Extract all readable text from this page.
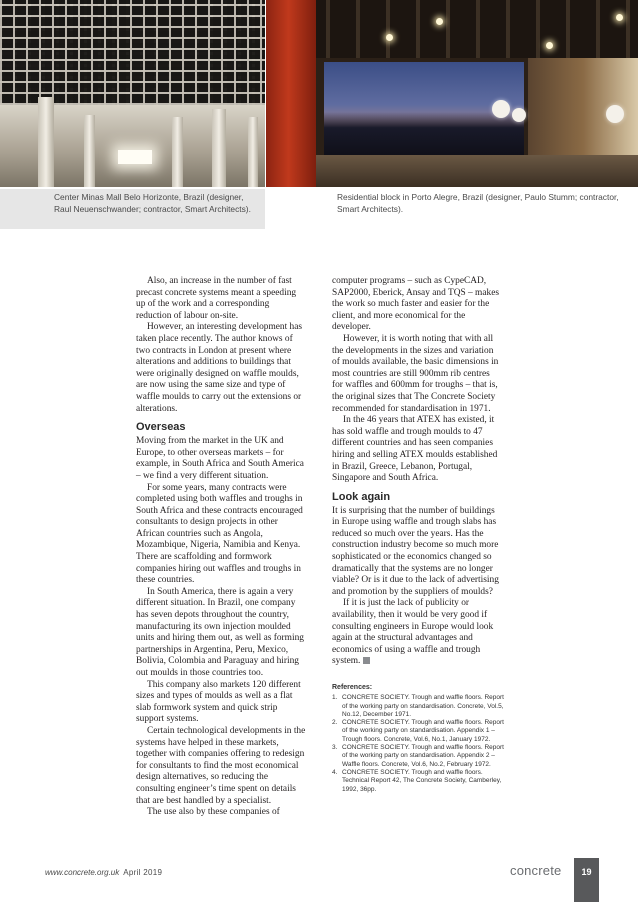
Center Minas Mall Belo Horizonte, Brazil (designer, Raul Neuenschwander; contractor, Smart Architects).
Residential block in Porto Alegre, Brazil (designer, Paulo Stumm; contractor, Smart Architects).

Also, an increase in the number of fast precast concrete systems meant a speeding up of the work and a corresponding reduction of labour on-site.

However, an interesting development has taken place recently. The author knows of two contracts in London at present where alterations and additions to buildings that were originally designed on waffle moulds, are now using the same size and type of waffle moulds to carry out the extensions or alterations.

Overseas

Moving from the market in the UK and Europe, to other overseas markets – for example, in South Africa and South America – we find a very different situation.

For some years, many contracts were completed using both waffles and troughs in South Africa and these contracts encouraged consultants to design projects in other African countries such as Angola, Mozambique, Nigeria, Namibia and Kenya. There are scaffolding and formwork companies hiring out waffles and troughs in these countries.

In South America, there is again a very different situation. In Brazil, one company has seven depots throughout the country, manufacturing its own injection moulded units and hiring them out, as well as forming partnerships in Argentina, Peru, Mexico, Bolivia, Colombia and Paraguay and hiring out moulds in those countries too.

This company also markets 120 different sizes and types of moulds as well as a flat slab formwork system and quick strip support systems.

Certain technological developments in the systems have helped in these markets, together with companies offering to redesign for consultants to find the most economical design alternatives, so reducing the consulting engineer’s time spent on details that are best handled by a specialist.

The use also by these companies of

computer programs – such as CypeCAD, SAP2000, Eberick, Ansay and TQS – makes the work so much faster and easier for the client, and more economical for the developer.

However, it is worth noting that with all the developments in the sizes and variation of moulds available, the basic dimensions in most countries are still 900mm rib centres for waffles and 600mm for troughs – that is, the original sizes that The Concrete Society recommended for standardisation in 1971.

In the 46 years that ATEX has existed, it has sold waffle and trough moulds to 47 different countries and has seen companies hiring and selling ATEX moulds established in Brazil, Greece, Lebanon, Portugal, Singapore and South Africa.

Look again

It is surprising that the number of buildings in Europe using waffle and trough slabs has reduced so much over the years. Has the construction industry become so much more sophisticated or the economics changed so dramatically that the systems are no longer viable? Or is it due to the lack of advertising and promotion by the suppliers of moulds?

If it is just the lack of publicity or availability, then it would be very good if consulting engineers in Europe would look again at the structural advantages and economics of using a waffle and trough system.

References:
1. CONCRETE SOCIETY. Trough and waffle floors. Report of the working party on standardisation. Concrete, Vol.5, No.12, December 1971.
2. CONCRETE SOCIETY. Trough and waffle floors. Report of the working party on standardisation. Appendix 1 – Trough floors. Concrete, Vol.6, No.1, January 1972.
3. CONCRETE SOCIETY. Trough and waffle floors. Report of the working party on standardisation. Appendix 2 – Waffle floors. Concrete, Vol.6, No.2, February 1972.
4. CONCRETE SOCIETY. Trough and waffle floors. Technical Report 42, The Concrete Society, Camberley, 1992, 36pp.
www.concrete.org.uk April 2019	concrete	19
